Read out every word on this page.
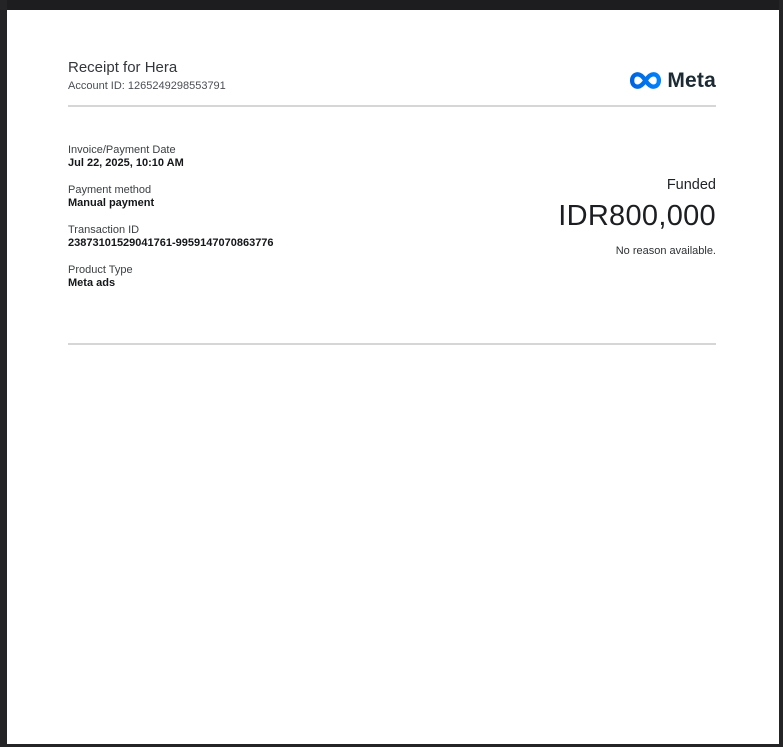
Receipt for Hera
Account ID: 1265249298553791	Meta
Invoice/Payment Date
Jul 22, 2025, 10:10 AM
Payment method
Manual payment
Transaction ID
23873101529041761-9959147070863776
Product Type
Meta ads
Funded
IDR800,000
No reason available.
